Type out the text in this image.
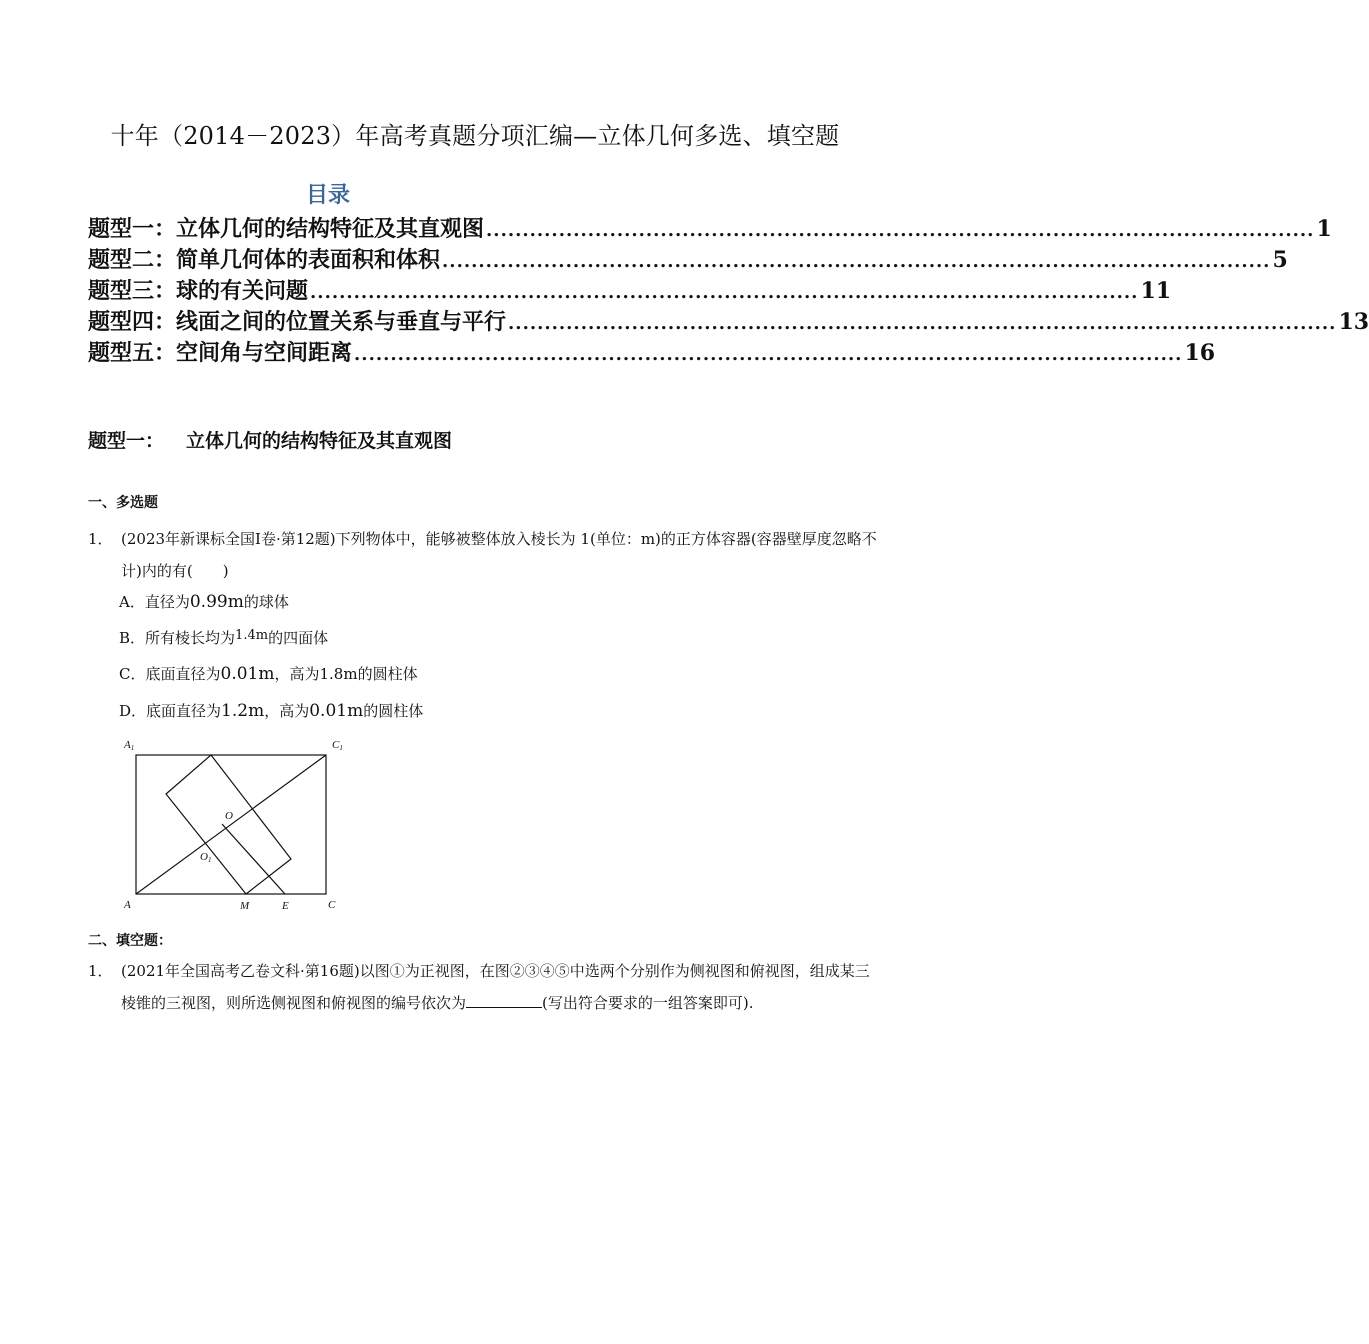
十年（2014－2023）年高考真题分项汇编—立体几何多选、填空题
目录
题型一： 立体几何的结构特征及其直观图 .................................................................................................................. 1
题型二： 简单几何体的表面积和体积 .................................................................................................................. 5
题型三： 球的有关问题 .................................................................................................................. 11
题型四： 线面之间的位置关系与垂直与平行 .................................................................................................................. 13
题型五： 空间角与空间距离 .................................................................................................................. 16
题型一： 立体几何的结构特征及其直观图
一、多选题
1． (2023年新课标全国Ⅰ卷·第12题)下列物体中，能够被整体放入棱长为 1(单位：m)的正方体容器(容器壁厚度忽略不计)内的有(　　)
A．直径为0.99m的球体
B．所有棱长均为1.4m的四面体
C．底面直径为0.01m，高为1.8m的圆柱体
D．底面直径为1.2m，高为0.01m的圆柱体
A1	C1
O
O1
A	M	E	C
二、填空题：
1． (2021年全国高考乙卷文科·第16题)以图①为正视图，在图②③④⑤中选两个分别作为侧视图和俯视图，组成某三棱锥的三视图，则所选侧视图和俯视图的编号依次为	(写出符合要求的一组答案即可).
